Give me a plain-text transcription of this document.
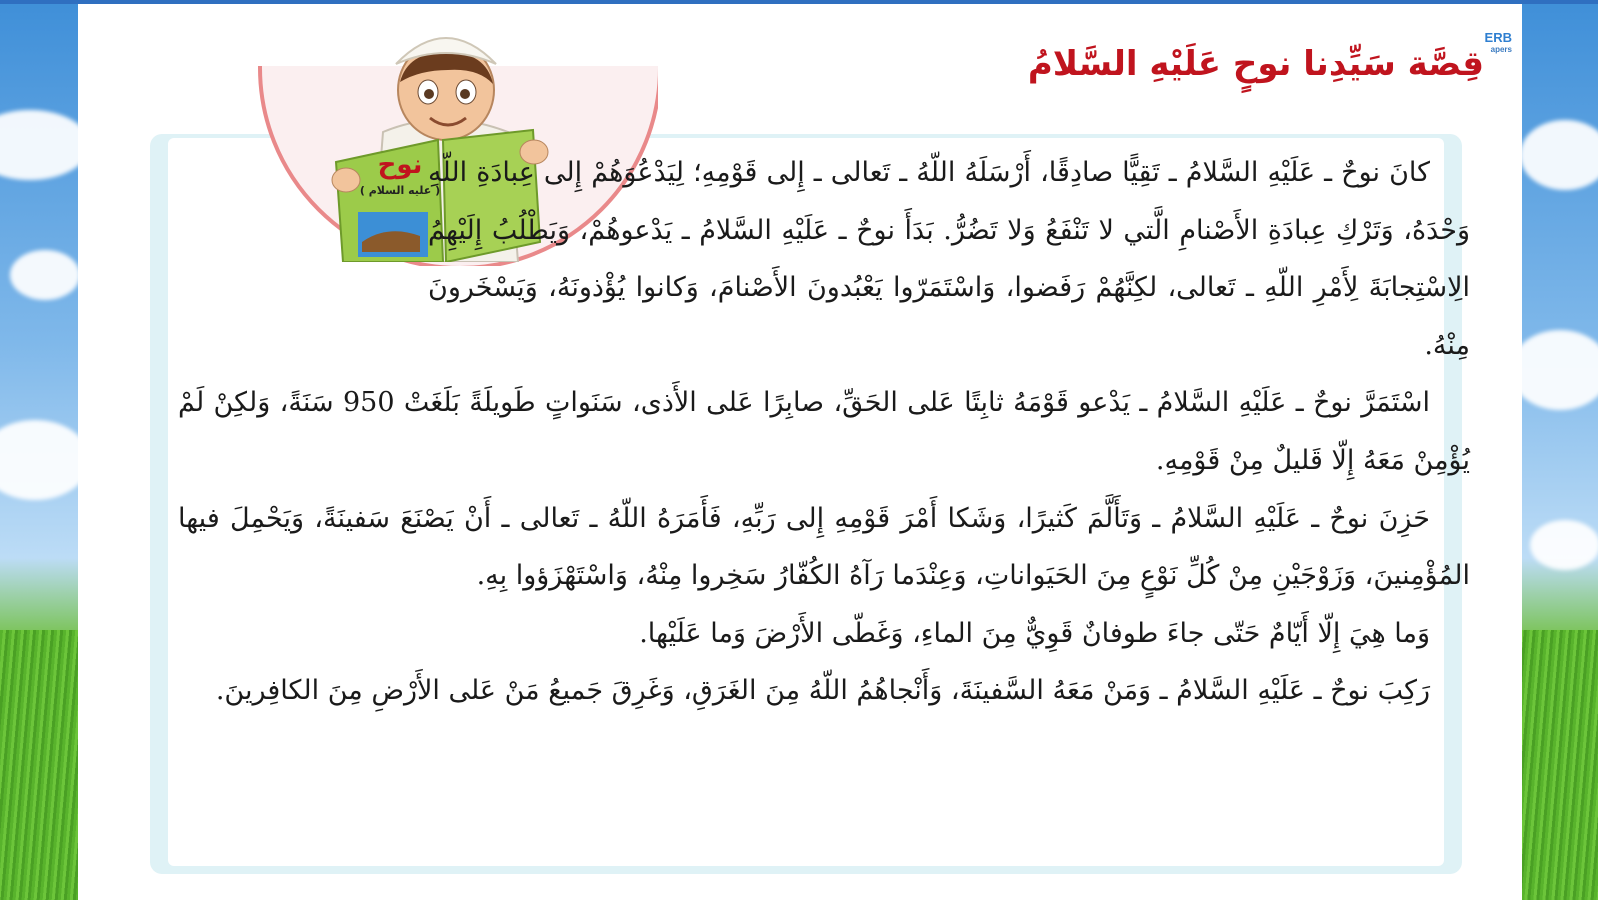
ERB
apers
قِصَّة سَيِّدِنا نوحٍ عَلَيْهِ السَّلامُ
نوح
( عليه السلام )

كانَ نوحٌ ـ عَلَيْهِ السَّلامُ ـ تَقِيًّا صادِقًا، أَرْسَلَهُ اللّهُ ـ تَعالى ـ إِلى قَوْمِهِ؛ لِيَدْعُوَهُمْ إِلى عِبادَةِ اللّهِ وَحْدَهُ، وَتَرْكِ عِبادَةِ الأَصْنامِ الَّتي لا تَنْفَعُ وَلا تَضُرُّ. بَدَأَ نوحٌ ـ عَلَيْهِ السَّلامُ ـ يَدْعوهُمْ، وَيَطْلُبُ إِلَيْهِمُ الِاسْتِجابَةَ لِأَمْرِ اللّهِ ـ تَعالى، لكِنَّهُمْ رَفَضوا، وَاسْتَمَرّوا يَعْبُدونَ الأَصْنامَ، وَكانوا يُؤْذونَهُ، وَيَسْخَرونَ مِنْهُ.

اسْتَمَرَّ نوحٌ ـ عَلَيْهِ السَّلامُ ـ يَدْعو قَوْمَهُ ثابِتًا عَلى الحَقِّ، صابِرًا عَلى الأَذى، سَنَواتٍ طَويلَةً بَلَغَتْ 950 سَنَةً، وَلكِنْ لَمْ يُؤْمِنْ مَعَهُ إِلّا قَليلٌ مِنْ قَوْمِهِ.

حَزِنَ نوحٌ ـ عَلَيْهِ السَّلامُ ـ وَتَأَلَّمَ كَثيرًا، وَشَكا أَمْرَ قَوْمِهِ إِلى رَبِّهِ، فَأَمَرَهُ اللّهُ ـ تَعالى ـ أَنْ يَصْنَعَ سَفينَةً، وَيَحْمِلَ فيها المُؤْمِنينَ، وَزَوْجَيْنِ مِنْ كُلِّ نَوْعٍ مِنَ الحَيَواناتِ، وَعِنْدَما رَآهُ الكُفّارُ سَخِروا مِنْهُ، وَاسْتَهْزَؤوا بِهِ.

وَما هِيَ إِلّا أَيّامٌ حَتّى جاءَ طوفانٌ قَوِيٌّ مِنَ الماءِ، وَغَطّى الأَرْضَ وَما عَلَيْها.

رَكِبَ نوحٌ ـ عَلَيْهِ السَّلامُ ـ وَمَنْ مَعَهُ السَّفينَةَ، وَأَنْجاهُمُ اللّهُ مِنَ الغَرَقِ، وَغَرِقَ جَميعُ مَنْ عَلى الأَرْضِ مِنَ الكافِرينَ.
